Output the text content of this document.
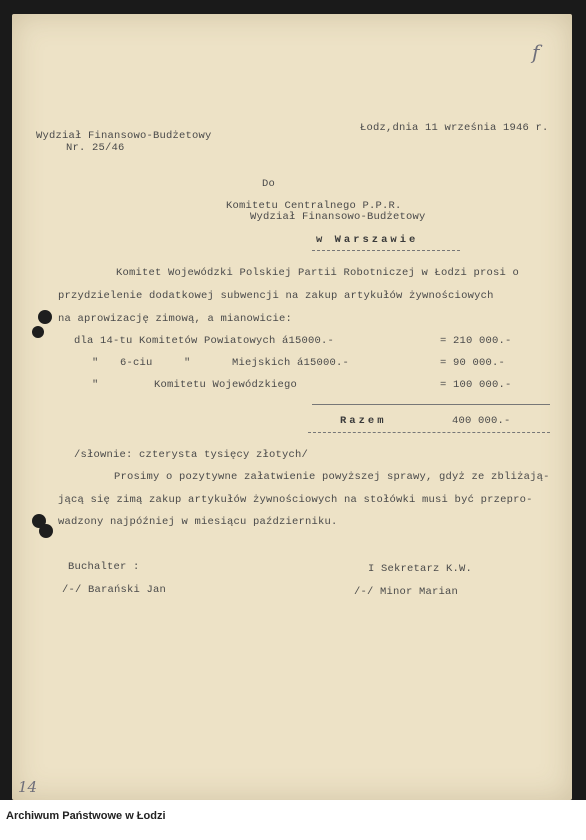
f
14
Wydział Finansowo-Budżetowy
Nr. 25/46
Łodz,dnia 11 września 1946 r.
Do
Komitetu Centralnego P.P.R.
Wydział Finansowo-Budżetowy
w Warszawie
Komitet Wojewódzki Polskiej Partii Robotniczej w Łodzi prosi o
przydzielenie dodatkowej subwencji na zakup artykułów żywnościowych
na aprowizację zimową, a mianowicie:
dla 14-tu Komitetów Powiatowych á15000.-	= 210 000.-
" 6-ciu	"	Miejskich á15000.-	= 90 000.-
"	Komitetu Wojewódzkiego	= 100 000.-
Razem	400 000.-
/słownie: czterysta tysięcy złotych/
Prosimy o pozytywne załatwienie powyższej sprawy, gdyż ze zbliżają-
jącą się zimą zakup artykułów żywnościowych na stołówki musi być przepro-
wadzony najpóźniej w miesiącu październiku.
Buchalter :
/-/ Barański Jan
I Sekretarz K.W.
/-/ Minor Marian
Archiwum Państwowe w Łodzi
